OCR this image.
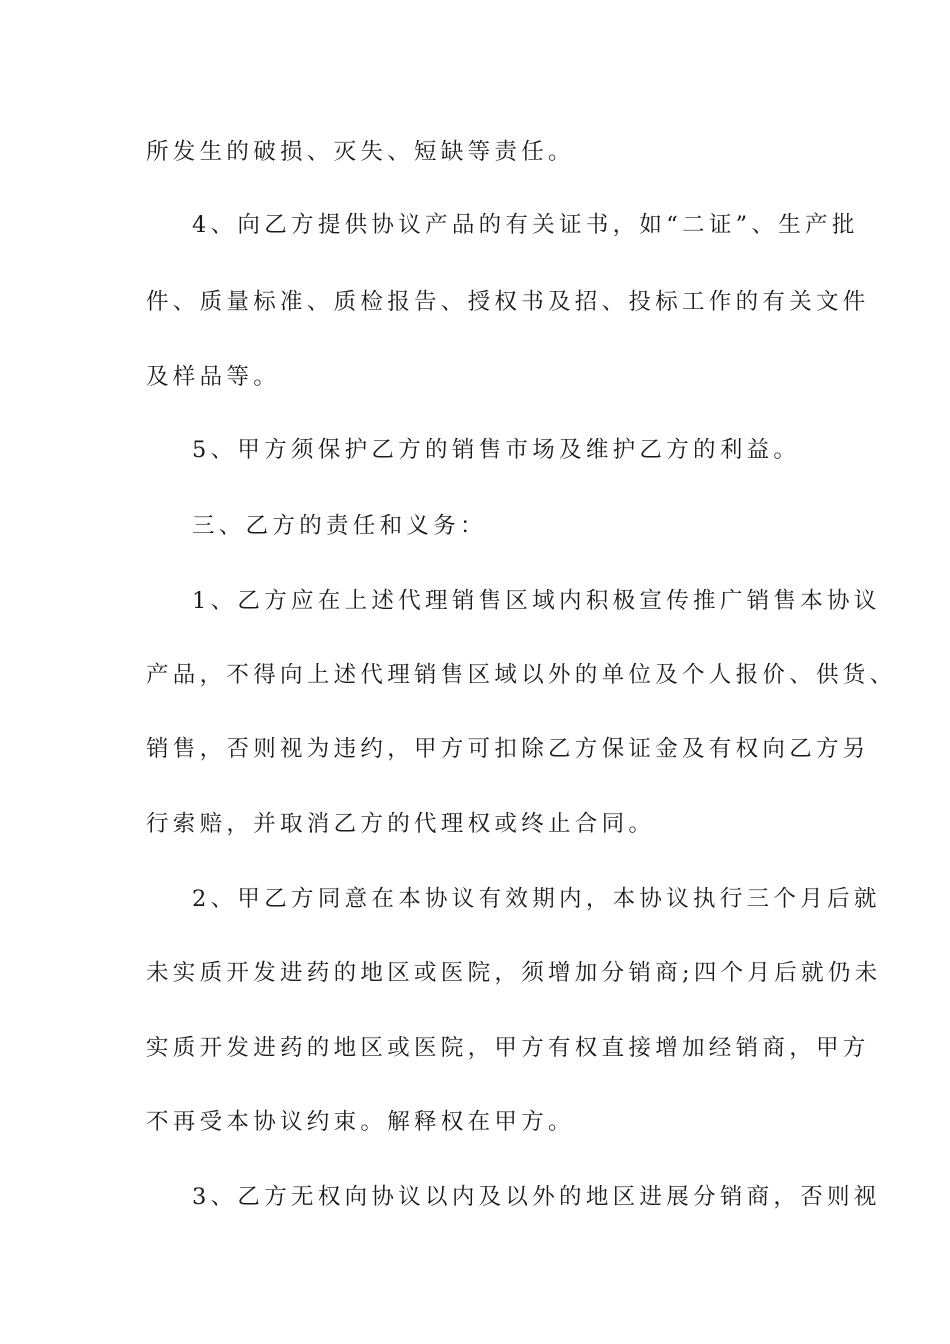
所发生的破损、灭失、短缺等责任。
4、向乙方提供协议产品的有关证书，如“二证”、生产批
件、质量标准、质检报告、授权书及招、投标工作的有关文件
及样品等。
5、甲方须保护乙方的销售市场及维护乙方的利益。
三、乙方的责任和义务：
1、乙方应在上述代理销售区域内积极宣传推广销售本协议
产品，不得向上述代理销售区域以外的单位及个人报价、供货、
销售，否则视为违约，甲方可扣除乙方保证金及有权向乙方另
行索赔，并取消乙方的代理权或终止合同。
2、甲乙方同意在本协议有效期内，本协议执行三个月后就
未实质开发进药的地区或医院，须增加分销商;四个月后就仍未
实质开发进药的地区或医院，甲方有权直接增加经销商，甲方
不再受本协议约束。解释权在甲方。
3、乙方无权向协议以内及以外的地区进展分销商，否则视
